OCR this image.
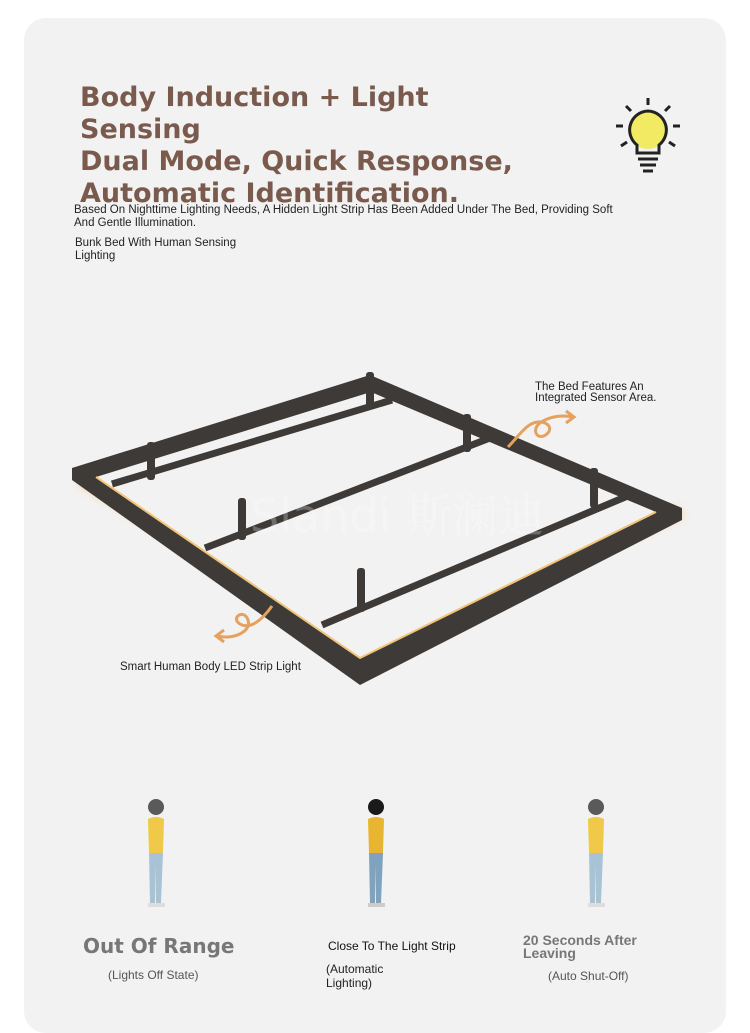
Body Induction + Light Sensing
Dual Mode, Quick Response,
Automatic Identification.

Based On Nighttime Lighting Needs, A Hidden Light Strip Has Been Added Under The Bed, Providing Soft And Gentle Illumination.

Bunk Bed With Human Sensing Lighting

Slandi 斯澜迪

The Bed Features An Integrated Sensor Area.

Smart Human Body LED Strip Light

Out Of Range

(Lights Off State)

Close To The Light Strip

(Automatic Lighting)

20 Seconds After Leaving

(Auto Shut-Off)
